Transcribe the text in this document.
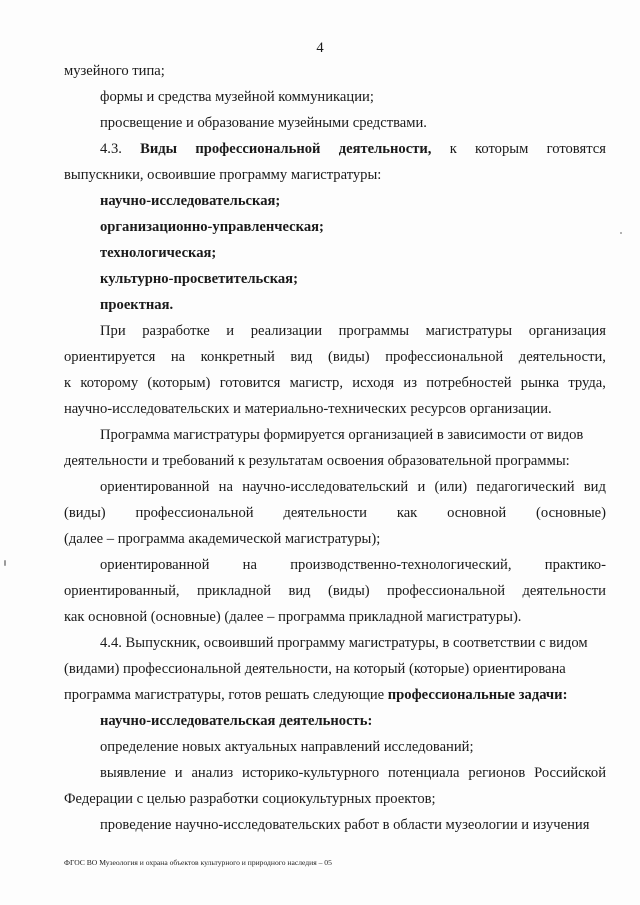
4
музейного типа;
формы и средства музейной коммуникации;
просвещение и образование музейными средствами.
4.3. Виды профессиональной деятельности, к которым готовятся
выпускники, освоившие программу магистратуры:
научно-исследовательская;
организационно-управленческая;
технологическая;
культурно-просветительская;
проектная.
При разработке и реализации программы магистратуры организация
ориентируется на конкретный вид (виды) профессиональной деятельности,
к которому (которым) готовится магистр, исходя из потребностей рынка труда,
научно-исследовательских и материально-технических ресурсов организации.
Программа магистратуры формируется организацией в зависимости от видов
деятельности и требований к результатам освоения образовательной программы:
ориентированной на научно-исследовательский и (или) педагогический вид
(виды) профессиональной деятельности как основной (основные)
(далее – программа академической магистратуры);
ориентированной на производственно-технологический, практико-
ориентированный, прикладной вид (виды) профессиональной деятельности
как основной (основные) (далее – программа прикладной магистратуры).
4.4. Выпускник, освоивший программу магистратуры, в соответствии с видом
(видами) профессиональной деятельности, на который (которые) ориентирована
программа магистратуры, готов решать следующие профессиональные задачи:
научно-исследовательская деятельность:
определение новых актуальных направлений исследований;
выявление и анализ историко-культурного потенциала регионов Российской
Федерации с целью разработки социокультурных проектов;
проведение научно-исследовательских работ в области музеологии и изучения
ФГОС ВО Музеология и охрана объектов культурного и природного наследия – 05
